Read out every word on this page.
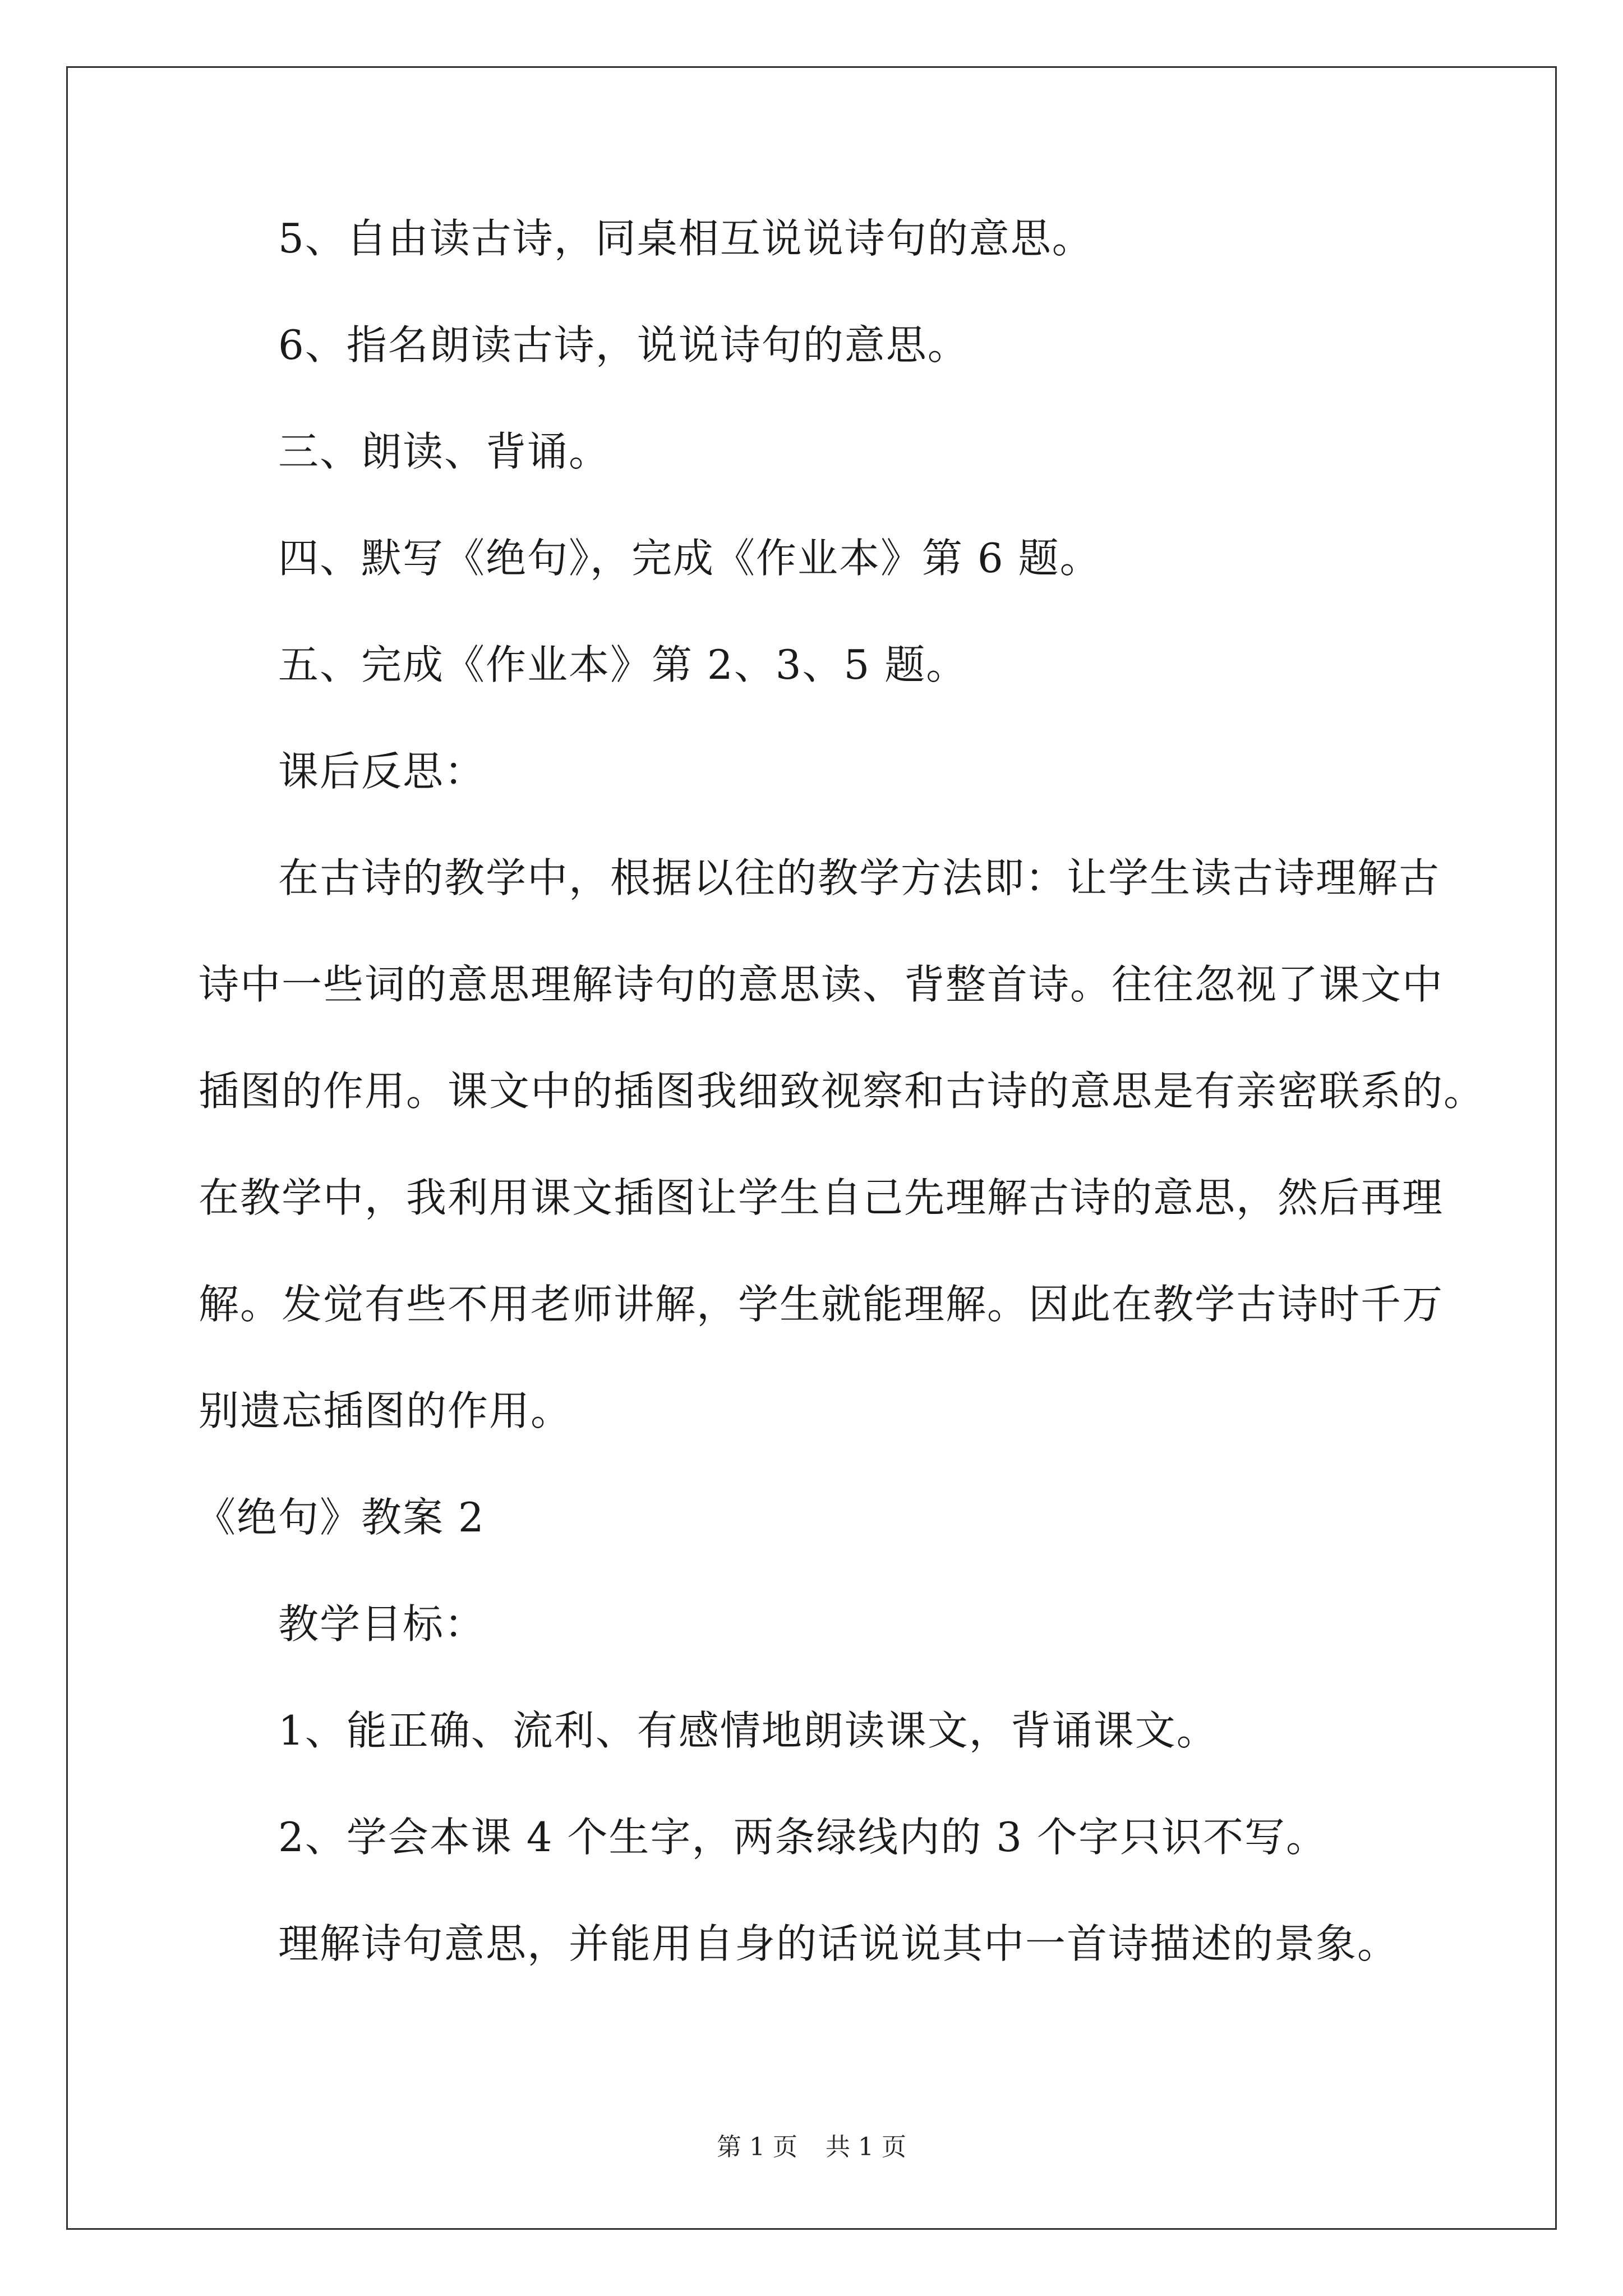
5、自由读古诗，同桌相互说说诗句的意思。
6、指名朗读古诗，说说诗句的意思。
三、朗读、背诵。
四、默写《绝句》，完成《作业本》第 6 题。
五、完成《作业本》第 2、3、5 题。
课后反思：
在古诗的教学中，根据以往的教学方法即：让学生读古诗理解古
诗中一些词的意思理解诗句的意思读、背整首诗。往往忽视了课文中
插图的作用。课文中的插图我细致视察和古诗的意思是有亲密联系的。
在教学中，我利用课文插图让学生自己先理解古诗的意思，然后再理
解。发觉有些不用老师讲解，学生就能理解。因此在教学古诗时千万
别遗忘插图的作用。
《绝句》教案 2
教学目标：
1、能正确、流利、有感情地朗读课文，背诵课文。
2、学会本课 4 个生字，两条绿线内的 3 个字只识不写。
理解诗句意思，并能用自身的话说说其中一首诗描述的景象。
第 1 页 共 1 页
